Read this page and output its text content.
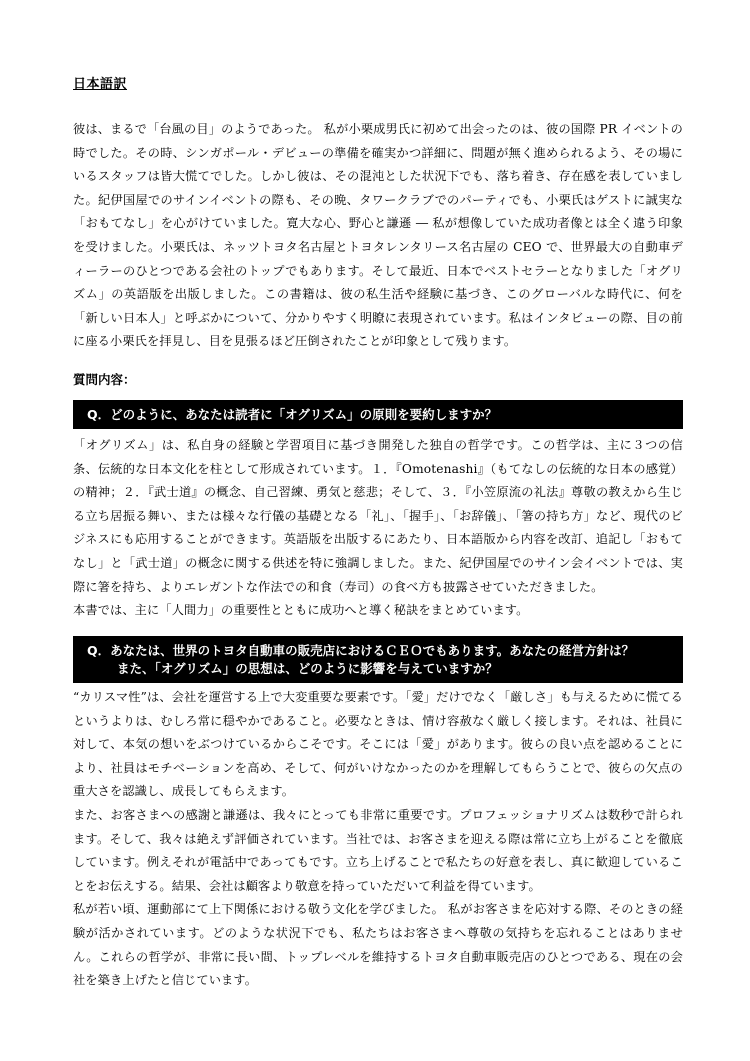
日本語訳

彼は、まるで「台風の目」のようであった。 私が小栗成男氏に初めて出会ったのは、彼の国際 PR イベントの時でした。その時、シンガポール・デビューの準備を確実かつ詳細に、問題が無く進められるよう、その場にいるスタッフは皆大慌てでした。しかし彼は、その混沌とした状況下でも、落ち着き、存在感を表していました。紀伊国屋でのサインイベントの際も、その晩、タワークラブでのパーティでも、小栗氏はゲストに誠実な「おもてなし」を心がけていました。寛大な心、野心と謙遜 ― 私が想像していた成功者像とは全く違う印象を受けました。小栗氏は、ネッツトヨタ名古屋とトヨタレンタリース名古屋の CEO で、世界最大の自動車ディーラーのひとつである会社のトップでもあります。そして最近、日本でベストセラーとなりました「オグリズム」の英語版を出版しました。この書籍は、彼の私生活や経験に基づき、このグローバルな時代に、何を「新しい日本人」と呼ぶかについて、分かりやすく明瞭に表現されています。私はインタビューの際、目の前に座る小栗氏を拝見し、目を見張るほど圧倒されたことが印象として残ります。

質問内容：
Q．どのように、あなたは読者に「オグリズム」の原則を要約しますか？

「オグリズム」は、私自身の経験と学習項目に基づき開発した独自の哲学です。この哲学は、主に３つの信条、伝統的な日本文化を柱として形成されています。１．『Omotenashi』（もてなしの伝統的な日本の感覚）の精神；２．『武士道』の概念、自己習練、勇気と慈悲；そして、３．『小笠原流の礼法』尊敬の教えから生じる立ち居振る舞い、または様々な行儀の基礎となる「礼」、「握手」、「お辞儀」、「箸の持ち方」など、現代のビジネスにも応用することができます。英語版を出版するにあたり、日本語版から内容を改訂、追記し「おもてなし」と「武士道」の概念に関する供述を特に強調しました。また、紀伊国屋でのサイン会イベントでは、実際に箸を持ち、よりエレガントな作法での和食（寿司）の食べ方も披露させていただきました。

本書では、主に「人間力」の重要性とともに成功へと導く秘訣をまとめています。

Q．あなたは、世界のトヨタ自動車の販売店におけるＣＥＯでもあります。あなたの経営方針は？
また、「オグリズム」の思想は、どのように影響を与えていますか？

“カリスマ性”は、会社を運営する上で大変重要な要素です。「愛」だけでなく「厳しさ」も与えるために慌てるというよりは、むしろ常に穏やかであること。必要なときは、情け容赦なく厳しく接します。それは、社員に対して、本気の想いをぶつけているからこそです。そこには「愛」があります。彼らの良い点を認めることにより、社員はモチベーションを高め、そして、何がいけなかったのかを理解してもらうことで、彼らの欠点の重大さを認識し、成長してもらえます。

また、お客さまへの感謝と謙遜は、我々にとっても非常に重要です。プロフェッショナリズムは数秒で計られます。そして、我々は絶えず評価されています。当社では、お客さまを迎える際は常に立ち上がることを徹底しています。例えそれが電話中であってもです。立ち上げることで私たちの好意を表し、真に歓迎していることをお伝えする。結果、会社は顧客より敬意を持っていただいて利益を得ています。

私が若い頃、運動部にて上下関係における敬う文化を学びました。 私がお客さまを応対する際、そのときの経験が活かされています。どのような状況下でも、私たちはお客さまへ尊敬の気持ちを忘れることはありません。これらの哲学が、非常に長い間、トップレベルを維持するトヨタ自動車販売店のひとつである、現在の会社を築き上げたと信じています。
